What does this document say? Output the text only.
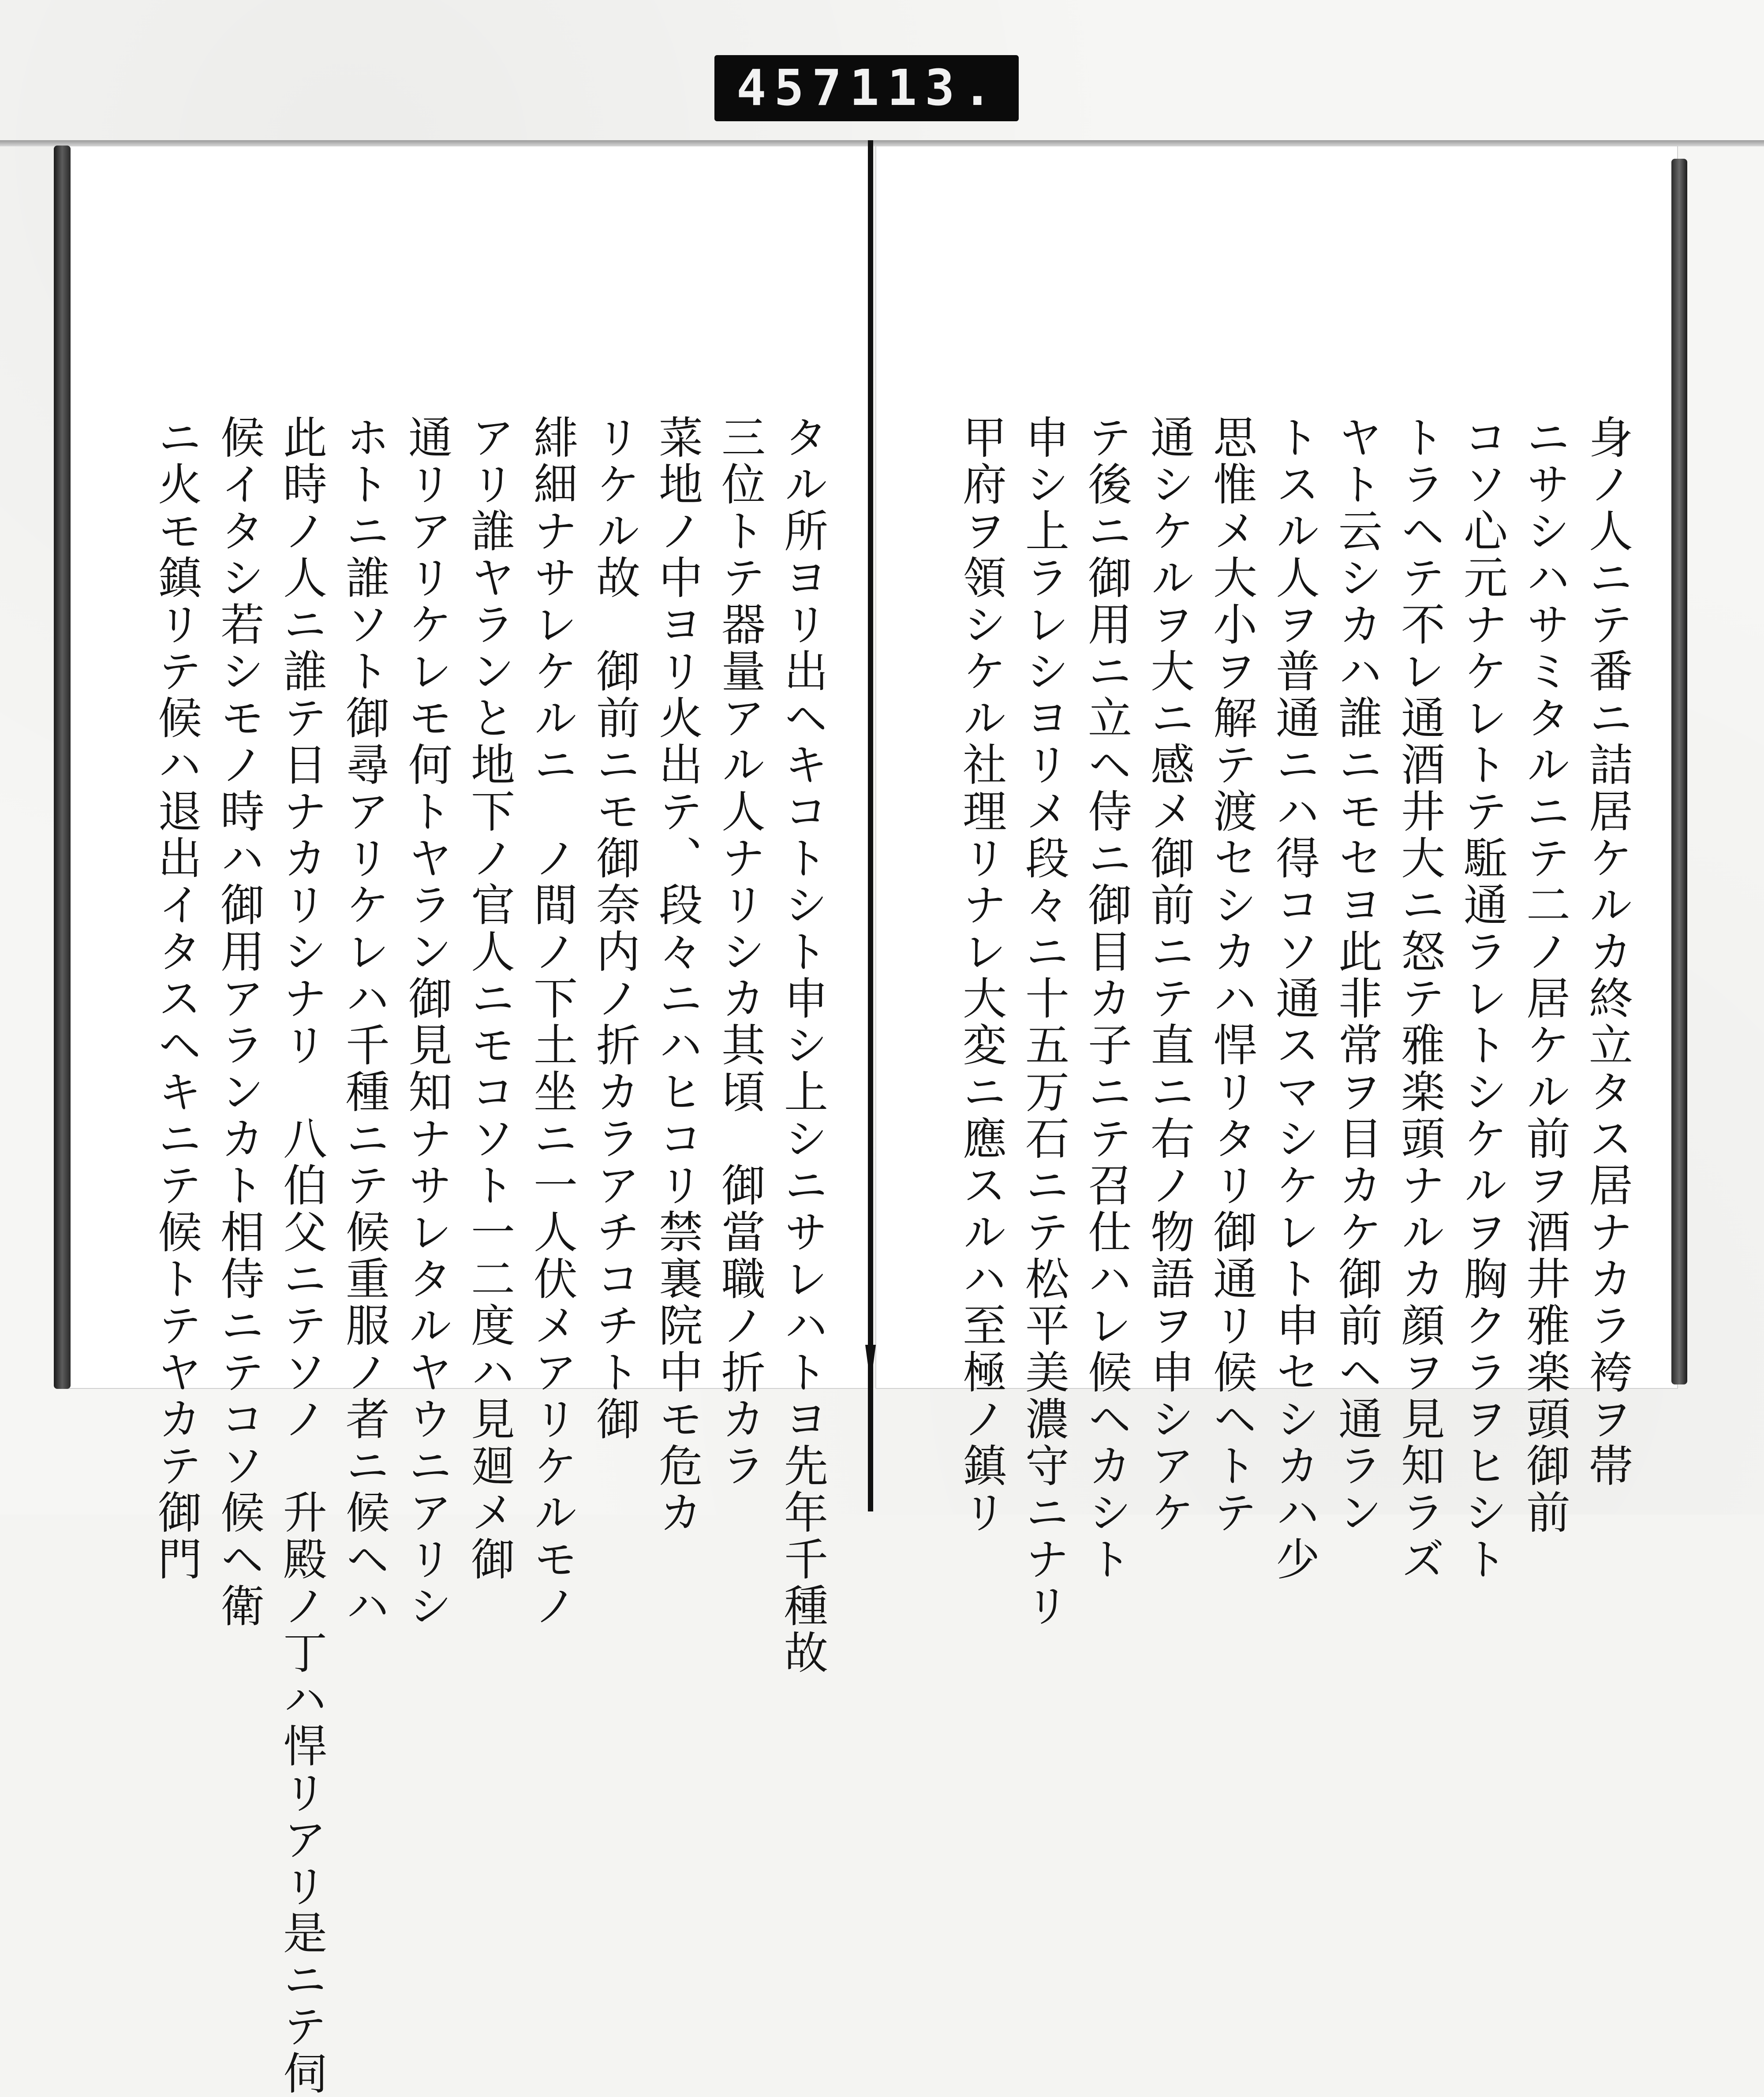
457 113.
身ノ人ニテ番ニ詰居ケルカ終立タス居ナカラ袴ヲ帯
ニサシハサミタルニテ二ノ居ケル前ヲ酒井雅楽頭御前
コソ心元ナケレトテ駈通ラレトシケルヲ胸クラヲヒシト
トラヘテ不レ通酒井大ニ怒テ雅楽頭ナルカ顔ヲ見知ラズ
ヤト云シカハ誰ニモセヨ此非常ヲ目カケ御前ヘ通ラン
トスル人ヲ普通ニハ得コソ通スマシケレト申セシカハ少
思惟メ大小ヲ解テ渡セシカハ悍リタリ御通リ候ヘトテ
通シケルヲ大ニ感メ御前ニテ直ニ右ノ物語ヲ申シアケ
テ後ニ御用ニ立ヘ侍ニ御目カ子ニテ召仕ハレ候ヘカシト
申シ上ラレシヨリメ段々ニ十五万石ニテ松平美濃守ニナリ
甲府ヲ領シケル社理リナレ大変ニ應スルハ至極ノ鎮リ
タル所ヨリ出ヘキコトシト申シ上シニサレハトヨ先年千種故
三位トテ器量アル人ナリシカ其頃　御當職ノ折カラ
菜地ノ中ヨリ火出テ、段々ニハヒコリ禁裏院中モ危カ
リケル故　御前ニモ御奈内ノ折カラアチコチト御
緋細ナサレケルニ　ノ間ノ下土坐ニ一人伏メアリケルモノ
アリ誰ヤランと地下ノ官人ニモコソト一二度ハ見廻メ御
通リアリケレモ何トヤラン御見知ナサレタルヤウニアリシ
ホトニ誰ソト御尋アリケレハ千種ニテ候重服ノ者ニ候ヘハ
此時ノ人ニ誰テ日ナカリシナリ　八伯父ニテソノ　升殿ノ丁ハ悍リアリ是ニテ伺
候イタシ若シモノ時ハ御用アランカト相侍ニテコソ候ヘ衛
ニ火モ鎮リテ候ハ退出イタスヘキニテ候トテヤカテ御門
